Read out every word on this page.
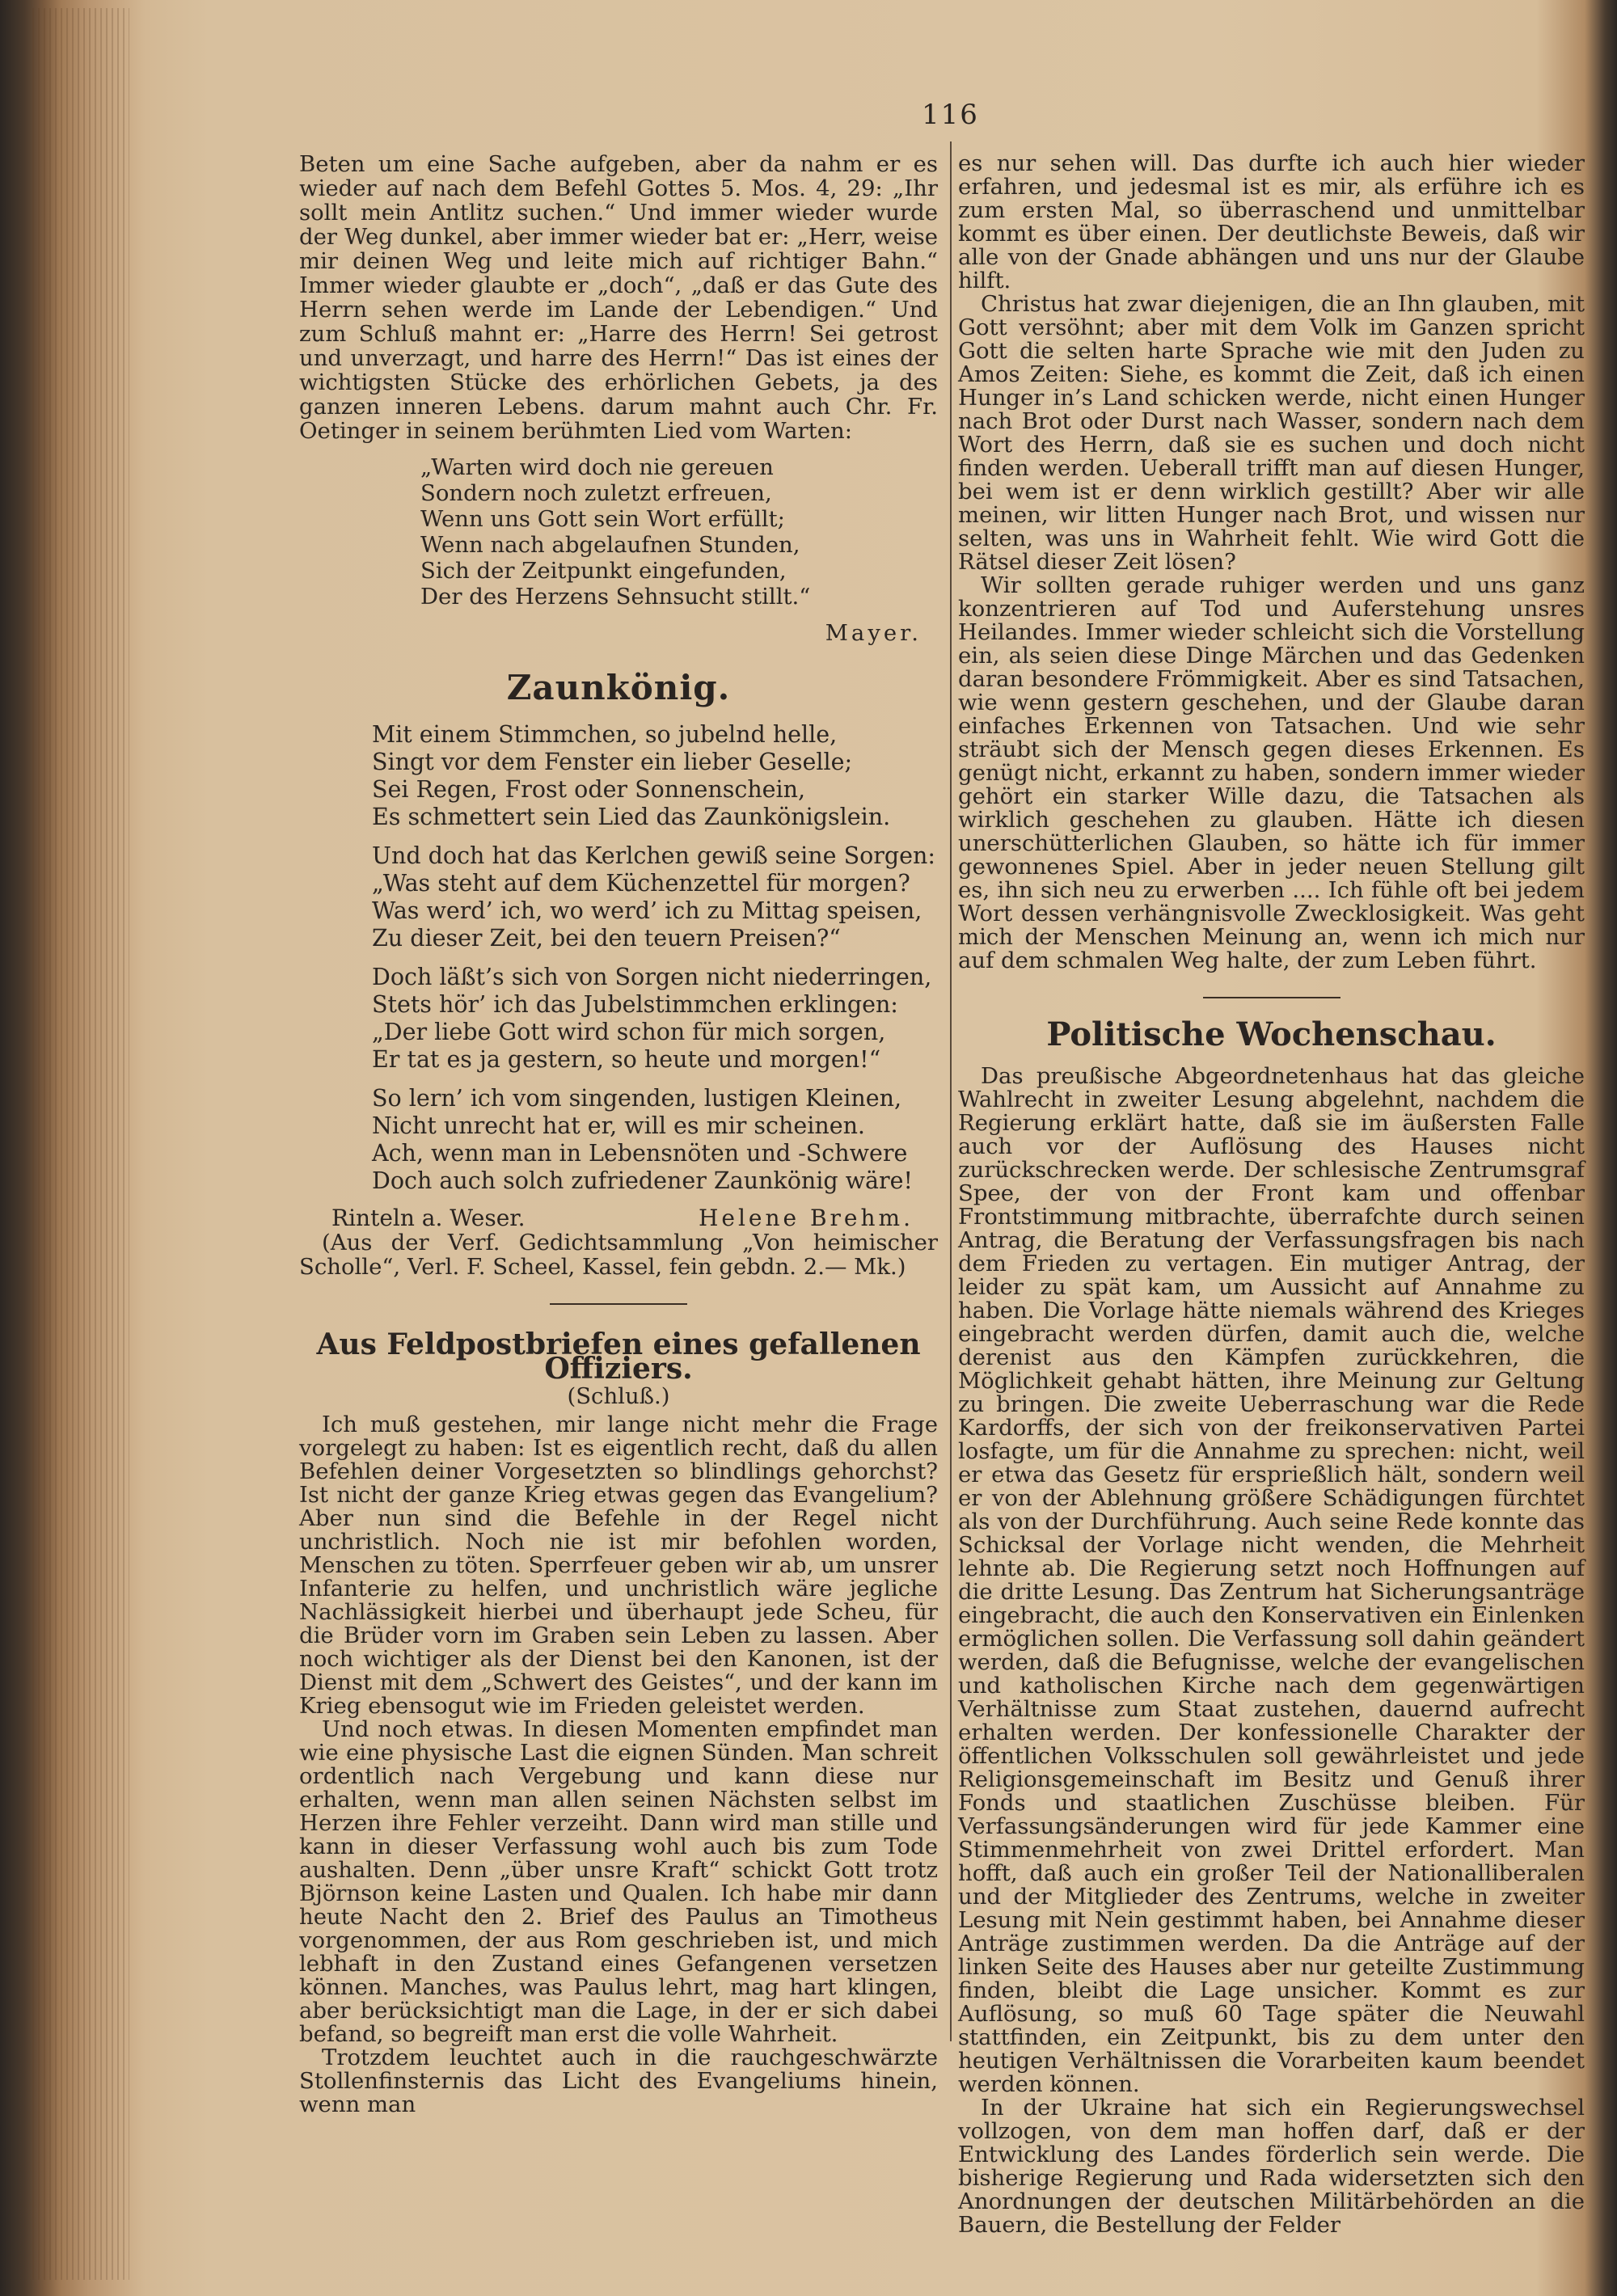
116

Beten um eine Sache aufgeben, aber da nahm er es wieder auf nach dem Befehl Gottes 5. Mos. 4, 29: „Ihr sollt mein Antlitz suchen.“ Und immer wieder wurde der Weg dunkel, aber immer wieder bat er: „Herr, weise mir deinen Weg und leite mich auf richtiger Bahn.“ Immer wieder glaubte er „doch“, „daß er das Gute des Herrn sehen werde im Lande der Lebendigen.“ Und zum Schluß mahnt er: „Harre des Herrn! Sei getrost und unverzagt, und harre des Herrn!“ Das ist eines der wichtigsten Stücke des erhörlichen Gebets, ja des ganzen inneren Lebens. darum mahnt auch Chr. Fr. Oetinger in seinem berühmten Lied vom Warten:

„Warten wird doch nie gereuen
Sondern noch zuletzt erfreuen,
Wenn uns Gott sein Wort erfüllt;
Wenn nach abgelaufnen Stunden,
Sich der Zeitpunkt eingefunden,
Der des Herzens Sehnsucht stillt.“
Mayer.
Zaunkönig.
Mit einem Stimmchen, so jubelnd helle,
Singt vor dem Fenster ein lieber Geselle;
Sei Regen, Frost oder Sonnenschein,
Es schmettert sein Lied das Zaunkönigslein.
Und doch hat das Kerlchen gewiß seine Sorgen:
„Was steht auf dem Küchenzettel für morgen?
Was werd’ ich, wo werd’ ich zu Mittag speisen,
Zu dieser Zeit, bei den teuern Preisen?“
Doch läßt’s sich von Sorgen nicht niederringen,
Stets hör’ ich das Jubelstimmchen erklingen:
„Der liebe Gott wird schon für mich sorgen,
Er tat es ja gestern, so heute und morgen!“
So lern’ ich vom singenden, lustigen Kleinen,
Nicht unrecht hat er, will es mir scheinen.
Ach, wenn man in Lebensnöten und -Schwere
Doch auch solch zufriedener Zaunkönig wäre!
Rinteln a. Weser.	Helene Brehm.

(Aus der Verf. Gedichtsammlung „Von heimischer Scholle“, Verl. F. Scheel, Kassel, fein gebdn. 2.— Mk.)

Aus Feldpostbriefen eines gefallenen Offiziers.
(Schluß.)

Ich muß gestehen, mir lange nicht mehr die Frage vorgelegt zu haben: Ist es eigentlich recht, daß du allen Befehlen deiner Vorgesetzten so blindlings gehorchst? Ist nicht der ganze Krieg etwas gegen das Evangelium? Aber nun sind die Befehle in der Regel nicht unchristlich. Noch nie ist mir befohlen worden, Menschen zu töten. Sperrfeuer geben wir ab, um unsrer Infanterie zu helfen, und unchristlich wäre jegliche Nachlässigkeit hierbei und überhaupt jede Scheu, für die Brüder vorn im Graben sein Leben zu lassen. Aber noch wichtiger als der Dienst bei den Kanonen, ist der Dienst mit dem „Schwert des Geistes“, und der kann im Krieg ebensogut wie im Frieden geleistet werden.

Und noch etwas. In diesen Momenten empfindet man wie eine physische Last die eignen Sünden. Man schreit ordentlich nach Vergebung und kann diese nur erhalten, wenn man allen seinen Nächsten selbst im Herzen ihre Fehler verzeiht. Dann wird man stille und kann in dieser Verfassung wohl auch bis zum Tode aushalten. Denn „über unsre Kraft“ schickt Gott trotz Björnson keine Lasten und Qualen. Ich habe mir dann heute Nacht den 2. Brief des Paulus an Timotheus vorgenommen, der aus Rom geschrieben ist, und mich lebhaft in den Zustand eines Gefangenen versetzen können. Manches, was Paulus lehrt, mag hart klingen, aber berücksichtigt man die Lage, in der er sich dabei befand, so begreift man erst die volle Wahrheit.

Trotzdem leuchtet auch in die rauchgeschwärzte Stollenfinsternis das Licht des Evangeliums hinein, wenn man

es nur sehen will. Das durfte ich auch hier wieder erfahren, und jedesmal ist es mir, als erführe ich es zum ersten Mal, so überraschend und unmittelbar kommt es über einen. Der deutlichste Beweis, daß wir alle von der Gnade abhängen und uns nur der Glaube hilft.

Christus hat zwar diejenigen, die an Ihn glauben, mit Gott versöhnt; aber mit dem Volk im Ganzen spricht Gott die selten harte Sprache wie mit den Juden zu Amos Zeiten: Siehe, es kommt die Zeit, daß ich einen Hunger in’s Land schicken werde, nicht einen Hunger nach Brot oder Durst nach Wasser, sondern nach dem Wort des Herrn, daß sie es suchen und doch nicht finden werden. Ueberall trifft man auf diesen Hunger, bei wem ist er denn wirklich gestillt? Aber wir alle meinen, wir litten Hunger nach Brot, und wissen nur selten, was uns in Wahrheit fehlt. Wie wird Gott die Rätsel dieser Zeit lösen?

Wir sollten gerade ruhiger werden und uns ganz konzentrieren auf Tod und Auferstehung unsres Heilandes. Immer wieder schleicht sich die Vorstellung ein, als seien diese Dinge Märchen und das Gedenken daran besondere Frömmigkeit. Aber es sind Tatsachen, wie wenn gestern geschehen, und der Glaube daran einfaches Erkennen von Tatsachen. Und wie sehr sträubt sich der Mensch gegen dieses Erkennen. Es genügt nicht, erkannt zu haben, sondern immer wieder gehört ein starker Wille dazu, die Tatsachen als wirklich geschehen zu glauben. Hätte ich diesen unerschütterlichen Glauben, so hätte ich für immer gewonnenes Spiel. Aber in jeder neuen Stellung gilt es, ihn sich neu zu erwerben .... Ich fühle oft bei jedem Wort dessen verhängnisvolle Zwecklosigkeit. Was geht mich der Menschen Meinung an, wenn ich mich nur auf dem schmalen Weg halte, der zum Leben führt.

Politische Wochenschau.

Das preußische Abgeordnetenhaus hat das gleiche Wahlrecht in zweiter Lesung abgelehnt, nachdem die Regierung erklärt hatte, daß sie im äußersten Falle auch vor der Auflösung des Hauses nicht zurückschrecken werde. Der schlesische Zentrumsgraf Spee, der von der Front kam und offenbar Frontstimmung mitbrachte, überrafchte durch seinen Antrag, die Beratung der Verfassungsfragen bis nach dem Frieden zu vertagen. Ein mutiger Antrag, der leider zu spät kam, um Aussicht auf Annahme zu haben. Die Vorlage hätte niemals während des Krieges eingebracht werden dürfen, damit auch die, welche derenist aus den Kämpfen zurückkehren, die Möglichkeit gehabt hätten, ihre Meinung zur Geltung zu bringen. Die zweite Ueberraschung war die Rede Kardorffs, der sich von der freikonservativen Partei losfagte, um für die Annahme zu sprechen: nicht, weil er etwa das Gesetz für ersprießlich hält, sondern weil er von der Ablehnung größere Schädigungen fürchtet als von der Durchführung. Auch seine Rede konnte das Schicksal der Vorlage nicht wenden, die Mehrheit lehnte ab. Die Regierung setzt noch Hoffnungen auf die dritte Lesung. Das Zentrum hat Sicherungsanträge eingebracht, die auch den Konservativen ein Einlenken ermöglichen sollen. Die Verfassung soll dahin geändert werden, daß die Befugnisse, welche der evangelischen und katholischen Kirche nach dem gegenwärtigen Verhältnisse zum Staat zustehen, dauernd aufrecht erhalten werden. Der konfessionelle Charakter der öffentlichen Volksschulen soll gewährleistet und jede Religionsgemeinschaft im Besitz und Genuß ihrer Fonds und staatlichen Zuschüsse bleiben. Für Verfassungsänderungen wird für jede Kammer eine Stimmenmehrheit von zwei Drittel erfordert. Man hofft, daß auch ein großer Teil der Nationalliberalen und der Mitglieder des Zentrums, welche in zweiter Lesung mit Nein gestimmt haben, bei Annahme dieser Anträge zustimmen werden. Da die Anträge auf der linken Seite des Hauses aber nur geteilte Zustimmung finden, bleibt die Lage unsicher. Kommt es zur Auflösung, so muß 60 Tage später die Neuwahl stattfinden, ein Zeitpunkt, bis zu dem unter den heutigen Verhältnissen die Vorarbeiten kaum beendet werden können.

In der Ukraine hat sich ein Regierungswechsel vollzogen, von dem man hoffen darf, daß er der Entwicklung des Landes förderlich sein werde. Die bisherige Regierung und Rada widersetzten sich den Anordnungen der deutschen Militärbehörden an die Bauern, die Bestellung der Felder
